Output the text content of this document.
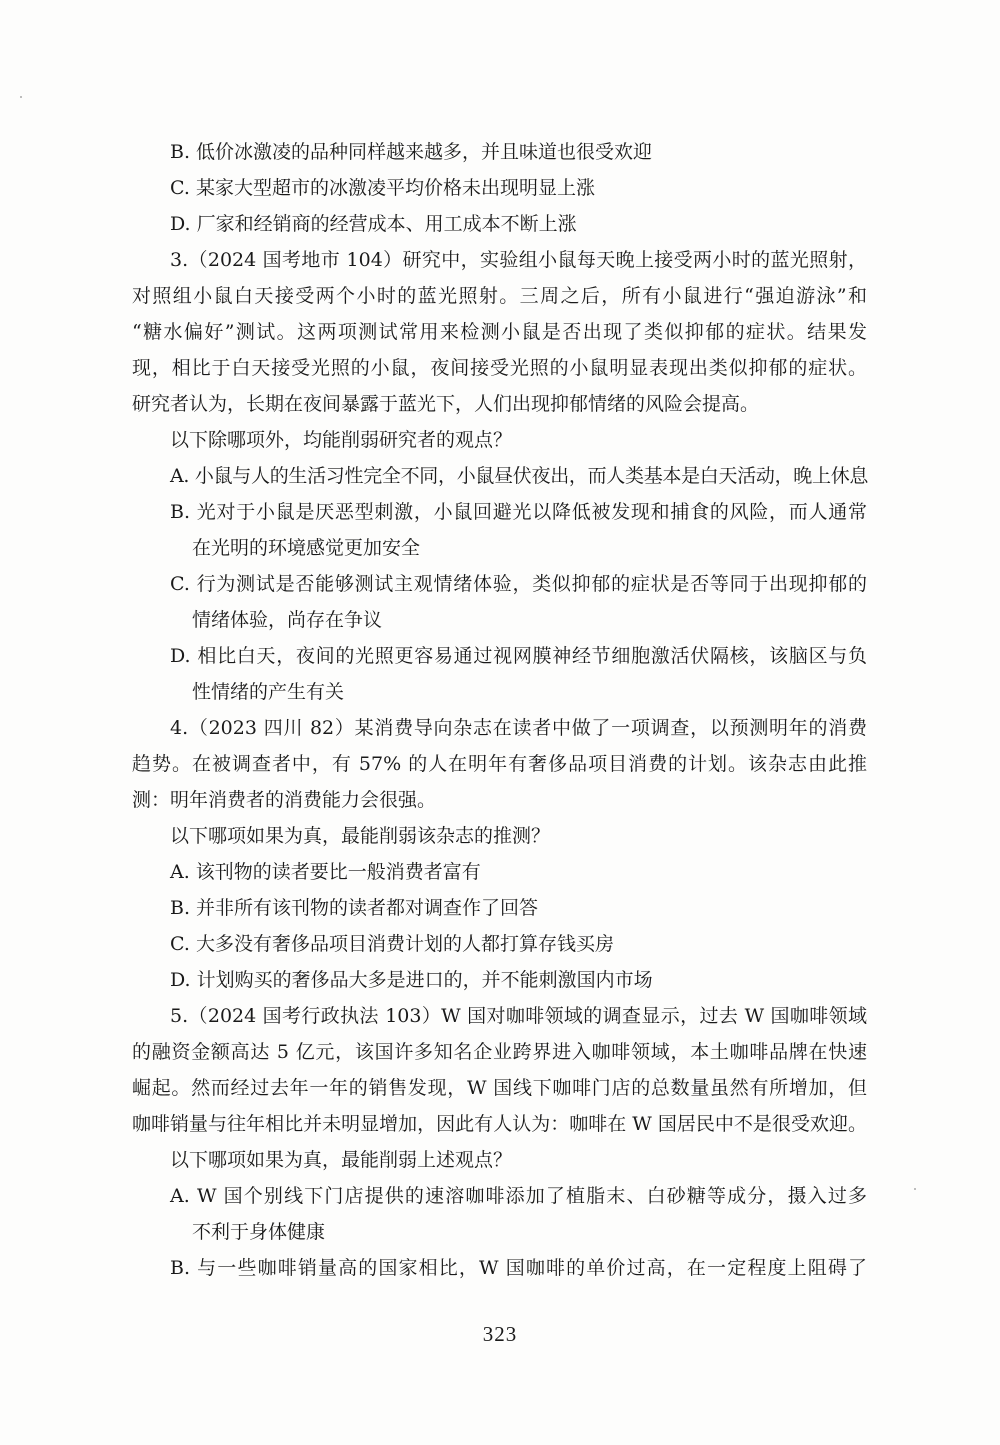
B. 低价冰激凌的品种同样越来越多，并且味道也很受欢迎
C. 某家大型超市的冰激凌平均价格未出现明显上涨
D. 厂家和经销商的经营成本、用工成本不断上涨
3.（2024 国考地市 104）研究中，实验组小鼠每天晚上接受两小时的蓝光照射，
对照组小鼠白天接受两个小时的蓝光照射。三周之后，所有小鼠进行“强迫游泳”和
“糖水偏好”测试。这两项测试常用来检测小鼠是否出现了类似抑郁的症状。结果发
现，相比于白天接受光照的小鼠，夜间接受光照的小鼠明显表现出类似抑郁的症状。
研究者认为，长期在夜间暴露于蓝光下，人们出现抑郁情绪的风险会提高。
以下除哪项外，均能削弱研究者的观点？
A. 小鼠与人的生活习性完全不同，小鼠昼伏夜出，而人类基本是白天活动，晚上休息
B. 光对于小鼠是厌恶型刺激，小鼠回避光以降低被发现和捕食的风险，而人通常
在光明的环境感觉更加安全
C. 行为测试是否能够测试主观情绪体验，类似抑郁的症状是否等同于出现抑郁的
情绪体验，尚存在争议
D. 相比白天，夜间的光照更容易通过视网膜神经节细胞激活伏隔核，该脑区与负
性情绪的产生有关
4.（2023 四川 82）某消费导向杂志在读者中做了一项调查，以预测明年的消费
趋势。在被调查者中，有 57% 的人在明年有奢侈品项目消费的计划。该杂志由此推
测：明年消费者的消费能力会很强。
以下哪项如果为真，最能削弱该杂志的推测？
A. 该刊物的读者要比一般消费者富有
B. 并非所有该刊物的读者都对调查作了回答
C. 大多没有奢侈品项目消费计划的人都打算存钱买房
D. 计划购买的奢侈品大多是进口的，并不能刺激国内市场
5.（2024 国考行政执法 103）W 国对咖啡领域的调查显示，过去 W 国咖啡领域
的融资金额高达 5 亿元，该国许多知名企业跨界进入咖啡领域，本土咖啡品牌在快速
崛起。然而经过去年一年的销售发现，W 国线下咖啡门店的总数量虽然有所增加，但
咖啡销量与往年相比并未明显增加，因此有人认为：咖啡在 W 国居民中不是很受欢迎。
以下哪项如果为真，最能削弱上述观点？
A. W 国个别线下门店提供的速溶咖啡添加了植脂末、白砂糖等成分，摄入过多
不利于身体健康
B. 与一些咖啡销量高的国家相比，W 国咖啡的单价过高，在一定程度上阻碍了
323
